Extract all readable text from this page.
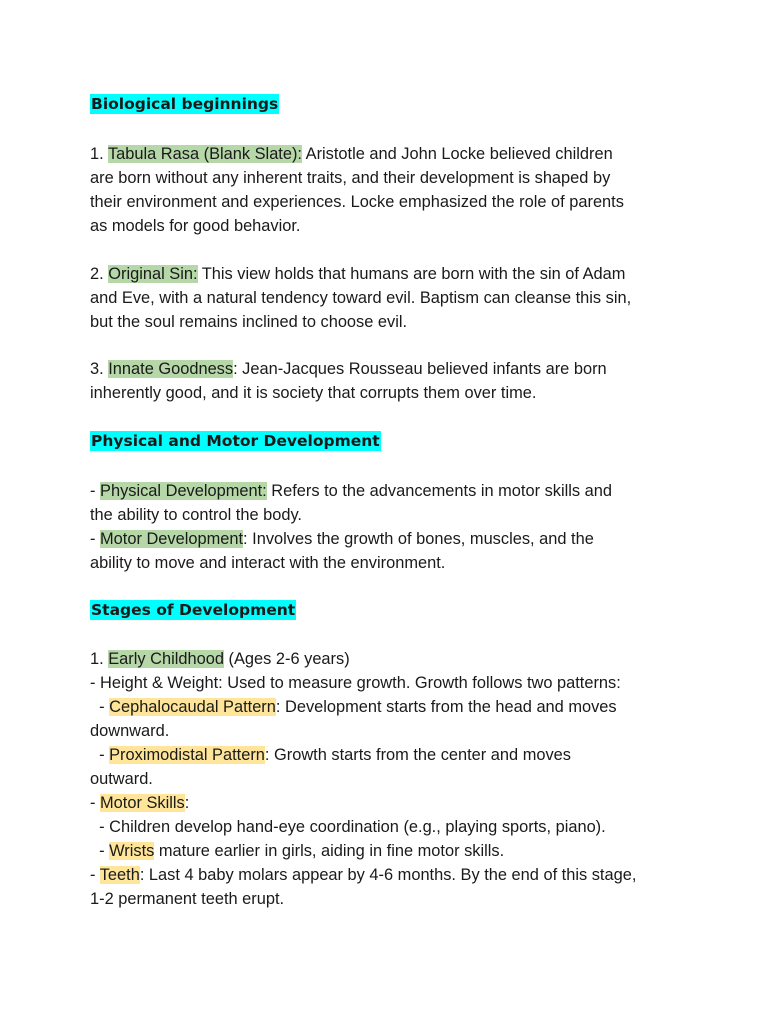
Biological beginnings
1. Tabula Rasa (Blank Slate): Aristotle and John Locke believed children
are born without any inherent traits, and their development is shaped by
their environment and experiences. Locke emphasized the role of parents
as models for good behavior.
2. Original Sin: This view holds that humans are born with the sin of Adam
and Eve, with a natural tendency toward evil. Baptism can cleanse this sin,
but the soul remains inclined to choose evil.
3. Innate Goodness: Jean-Jacques Rousseau believed infants are born
inherently good, and it is society that corrupts them over time.
Physical and Motor Development
- Physical Development: Refers to the advancements in motor skills and
the ability to control the body.
- Motor Development: Involves the growth of bones, muscles, and the
ability to move and interact with the environment.
Stages of Development
1. Early Childhood (Ages 2-6 years)
- Height & Weight: Used to measure growth. Growth follows two patterns:
- Cephalocaudal Pattern: Development starts from the head and moves
downward.
- Proximodistal Pattern: Growth starts from the center and moves
outward.
- Motor Skills:
- Children develop hand-eye coordination (e.g., playing sports, piano).
- Wrists mature earlier in girls, aiding in fine motor skills.
- Teeth: Last 4 baby molars appear by 4-6 months. By the end of this stage,
1-2 permanent teeth erupt.
